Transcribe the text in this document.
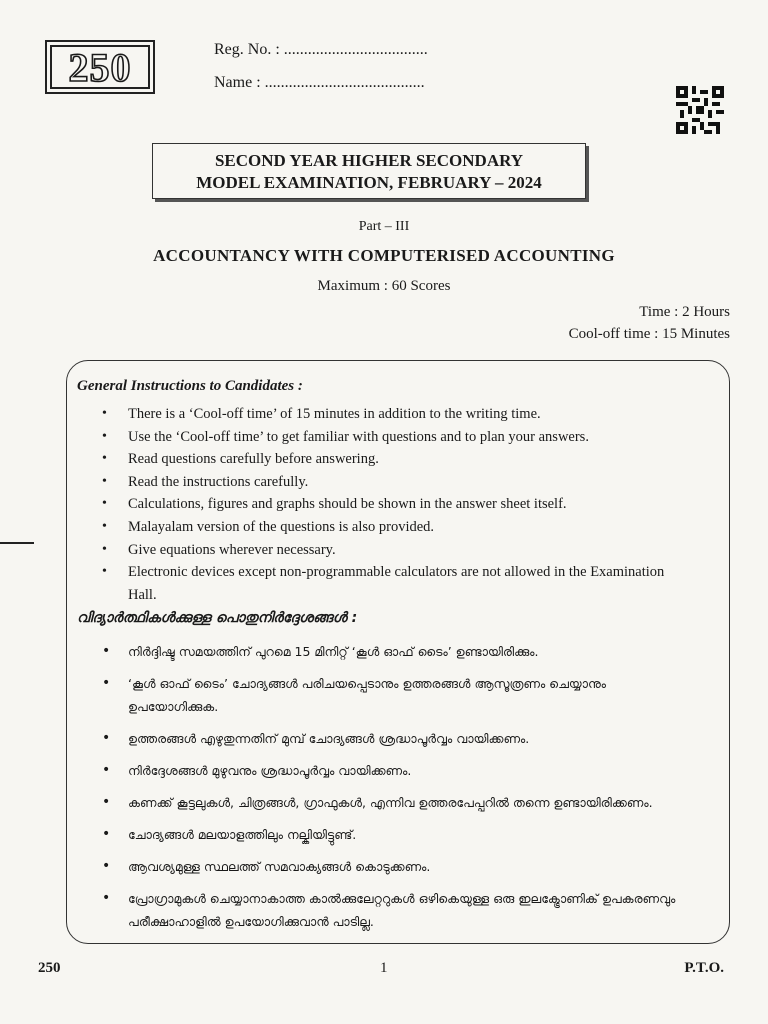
250	Reg. No. : ....................................
Name : ........................................
SECOND YEAR HIGHER SECONDARY
MODEL EXAMINATION, FEBRUARY – 2024
Part – III
ACCOUNTANCY WITH COMPUTERISED ACCOUNTING
Maximum : 60 Scores
Time : 2 Hours
Cool-off time : 15 Minutes
General Instructions to Candidates :
• There is a ‘Cool-off time’ of 15 minutes in addition to the writing time.
• Use the ‘Cool-off time’ to get familiar with questions and to plan your answers.
• Read questions carefully before answering.
• Read the instructions carefully.
• Calculations, figures and graphs should be shown in the answer sheet itself.
• Malayalam version of the questions is also provided.
• Give equations wherever necessary.
• Electronic devices except non-programmable calculators are not allowed in the Examination Hall.
വിദ്യാർത്ഥികൾക്കുള്ള പൊതുനിർദ്ദേശങ്ങൾ :
• നിർദ്ദിഷ്ട സമയത്തിന് പുറമെ 15 മിനിറ്റ് ‘കൂൾ ഓഫ് ടൈം’ ഉണ്ടായിരിക്കും.
• ‘കൂൾ ഓഫ് ടൈം’ ചോദ്യങ്ങൾ പരിചയപ്പെടാനും ഉത്തരങ്ങൾ ആസൂത്രണം ചെയ്യാനും ഉപയോഗിക്കുക.
• ഉത്തരങ്ങൾ എഴുതുന്നതിന് മുമ്പ് ചോദ്യങ്ങൾ ശ്രദ്ധാപൂർവ്വം വായിക്കണം.
• നിർദ്ദേശങ്ങൾ മുഴുവനും ശ്രദ്ധാപൂർവ്വം വായിക്കണം.
• കണക്ക് കൂട്ടലുകൾ, ചിത്രങ്ങൾ, ഗ്രാഫുകൾ, എന്നിവ ഉത്തരപേപ്പറിൽ തന്നെ ഉണ്ടായിരിക്കണം.
• ചോദ്യങ്ങൾ മലയാളത്തിലും നല്കിയിട്ടുണ്ട്.
• ആവശ്യമുള്ള സ്ഥലത്ത് സമവാക്യങ്ങൾ കൊടുക്കണം.
• പ്രോഗ്രാമുകൾ ചെയ്യാനാകാത്ത കാൽക്കുലേറ്ററുകൾ ഒഴികെയുള്ള ഒരു ഇലക്ട്രോണിക് ഉപകരണവും പരീക്ഷാഹാളിൽ ഉപയോഗിക്കുവാൻ പാടില്ല.
250	1	P.T.O.
